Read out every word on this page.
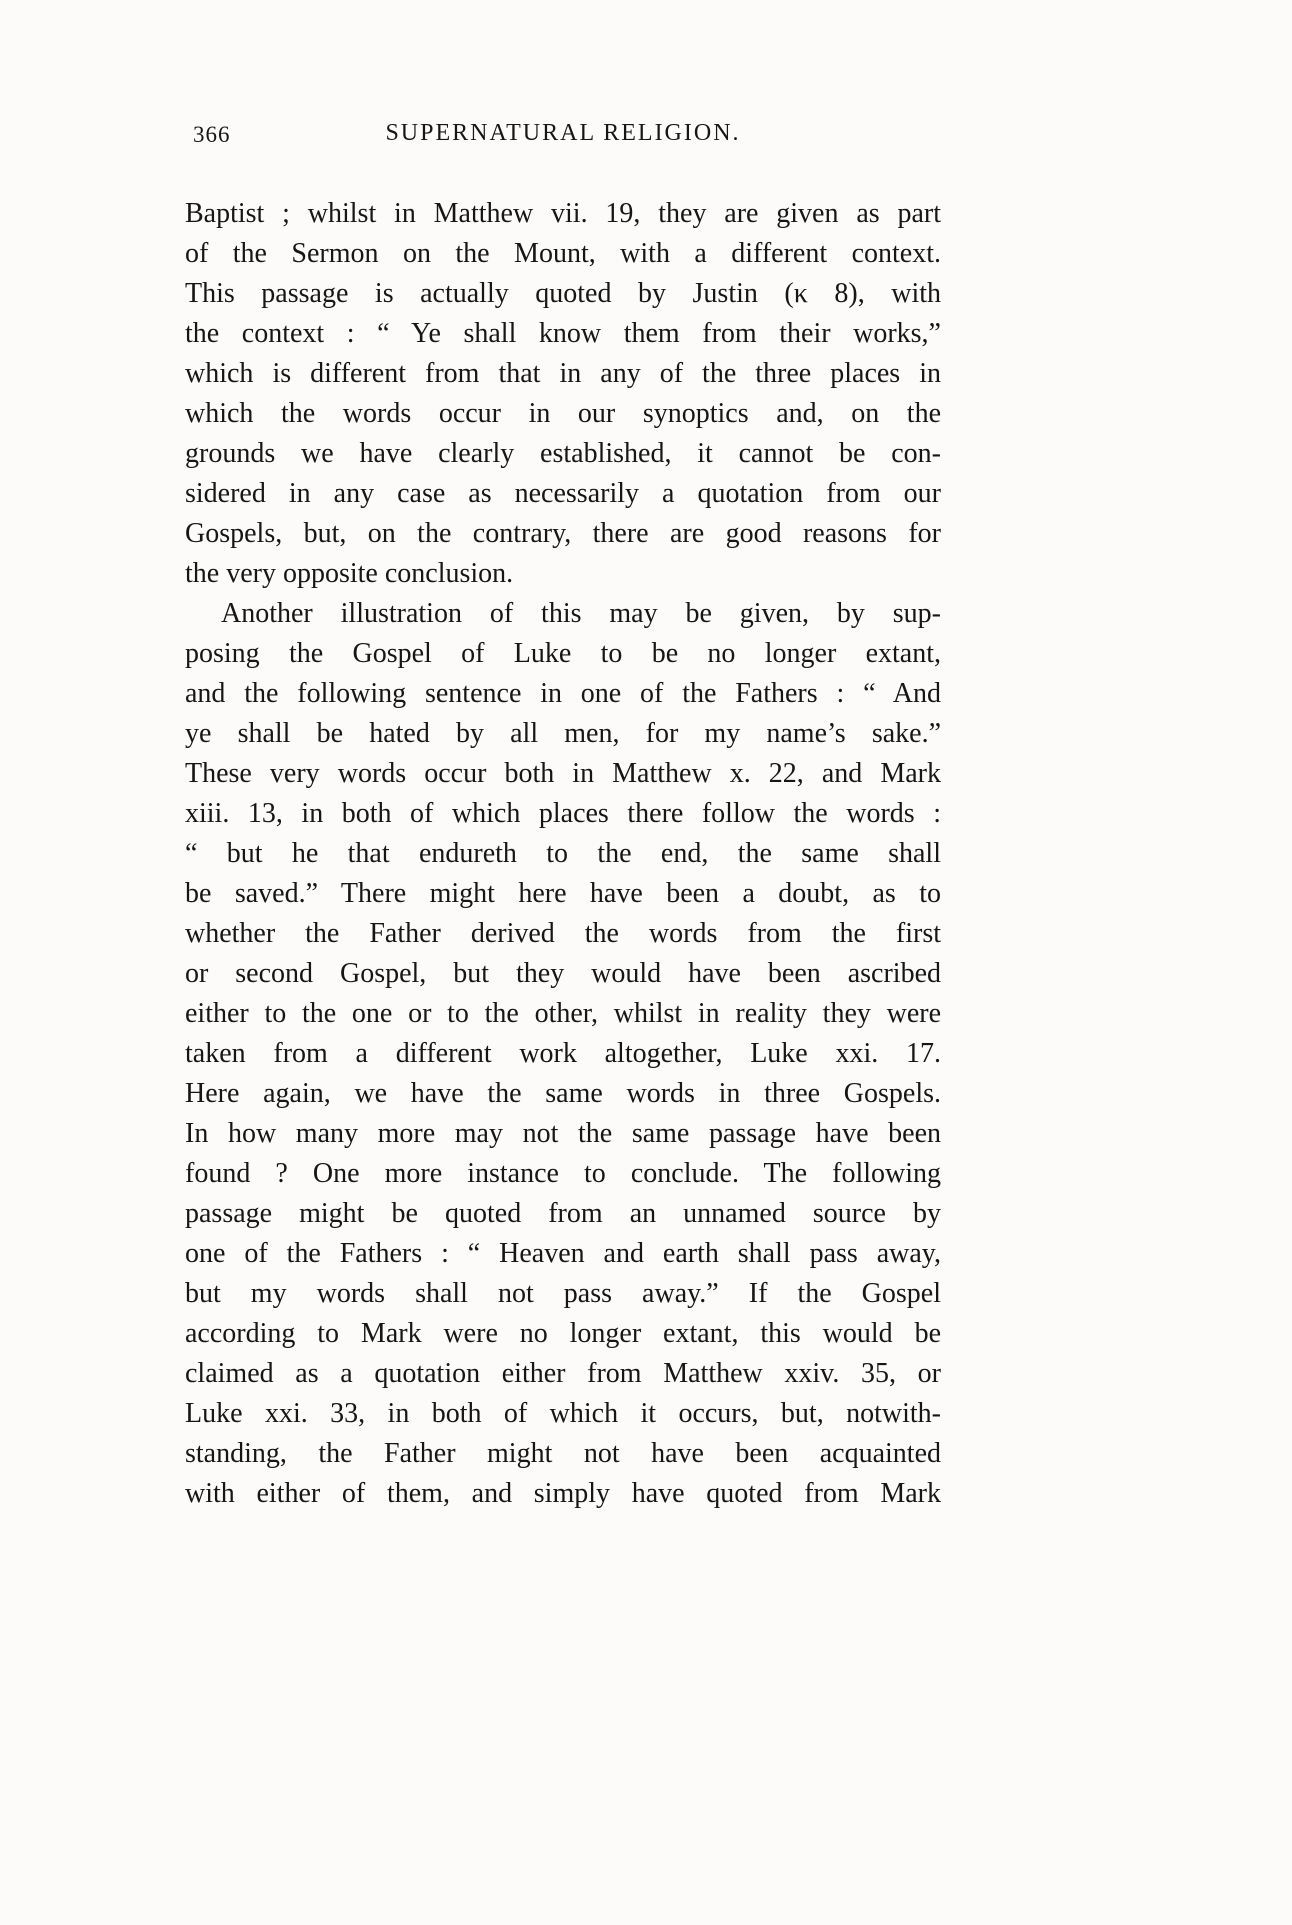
366	SUPERNATURAL RELIGION.
Baptist ; whilst in Matthew vii. 19, they are given as part
of the Sermon on the Mount, with a different context.
This passage is actually quoted by Justin (κ 8), with
the context : “ Ye shall know them from their works,”
which is different from that in any of the three places in
which the words occur in our synoptics and, on the
grounds we have clearly established, it cannot be con-
sidered in any case as necessarily a quotation from our
Gospels, but, on the contrary, there are good reasons for
the very opposite conclusion.
Another illustration of this may be given, by sup-
posing the Gospel of Luke to be no longer extant,
and the following sentence in one of the Fathers : “ And
ye shall be hated by all men, for my name’s sake.”
These very words occur both in Matthew x. 22, and Mark
xiii. 13, in both of which places there follow the words :
“ but he that endureth to the end, the same shall
be saved.” There might here have been a doubt, as to
whether the Father derived the words from the first
or second Gospel, but they would have been ascribed
either to the one or to the other, whilst in reality they were
taken from a different work altogether, Luke xxi. 17.
Here again, we have the same words in three Gospels.
In how many more may not the same passage have been
found ? One more instance to conclude. The following
passage might be quoted from an unnamed source by
one of the Fathers : “ Heaven and earth shall pass away,
but my words shall not pass away.” If the Gospel
according to Mark were no longer extant, this would be
claimed as a quotation either from Matthew xxiv. 35, or
Luke xxi. 33, in both of which it occurs, but, notwith-
standing, the Father might not have been acquainted
with either of them, and simply have quoted from Mark
